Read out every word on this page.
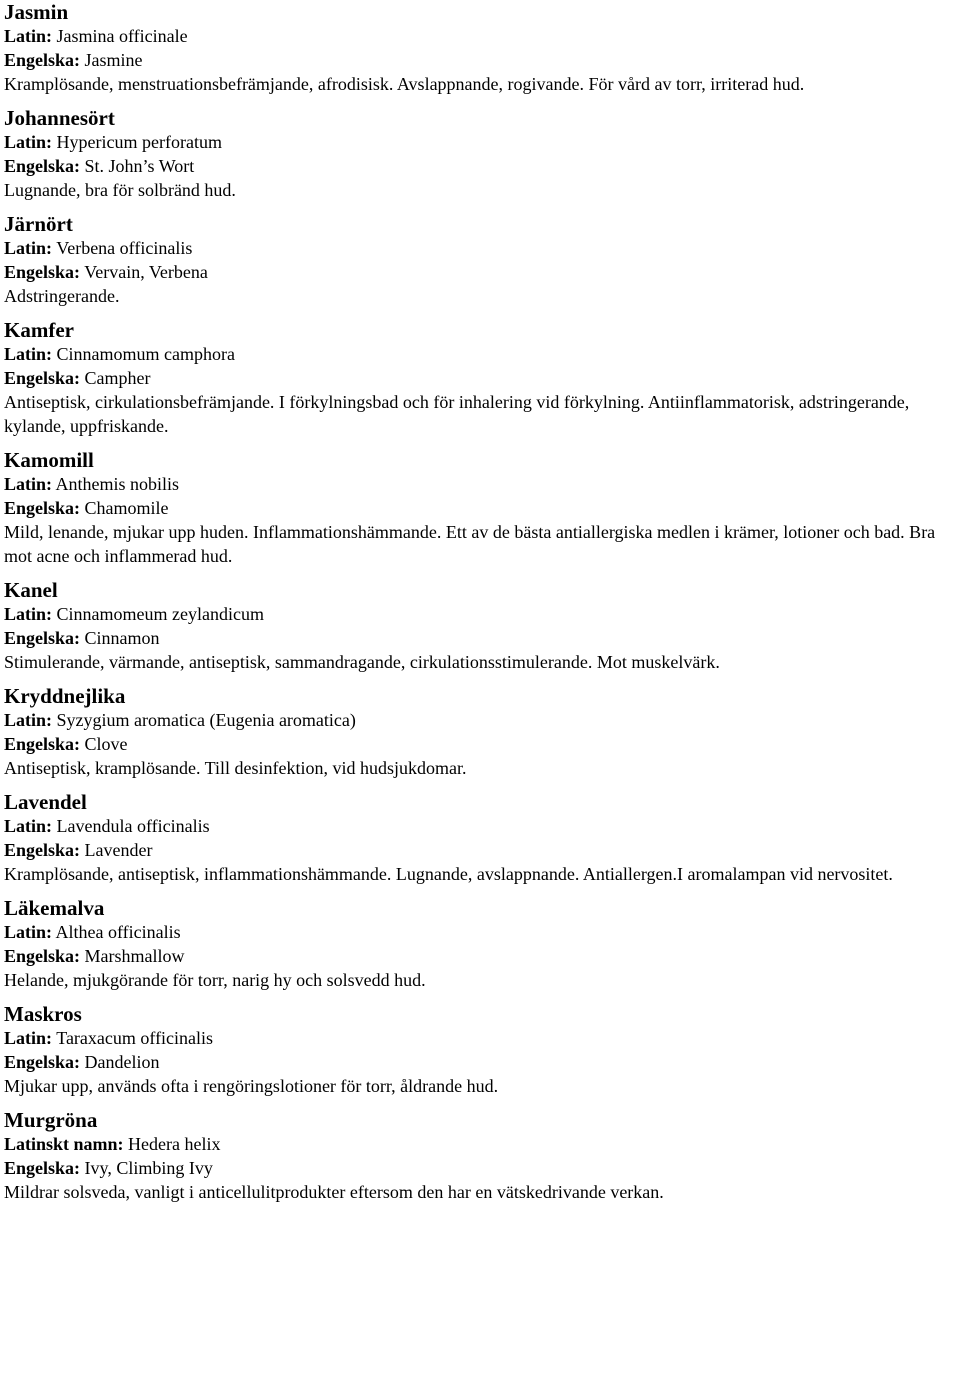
Jasmin
Latin: Jasmina officinale
Engelska: Jasmine
Kramplösande, menstruationsbefrämjande, afrodisisk. Avslappnande, rogivande. För vård av torr, irriterad hud.
Johannesört
Latin: Hypericum perforatum
Engelska: St. John’s Wort
Lugnande, bra för solbränd hud.
Järnört
Latin: Verbena officinalis
Engelska: Vervain, Verbena
Adstringerande.
Kamfer
Latin: Cinnamomum camphora
Engelska: Campher
Antiseptisk, cirkulationsbefrämjande. I förkylningsbad och för inhalering vid förkylning. Antiinflammatorisk, adstringerande, kylande, uppfriskande.
Kamomill
Latin: Anthemis nobilis
Engelska: Chamomile
Mild, lenande, mjukar upp huden. Inflammationshämmande. Ett av de bästa antiallergiska medlen i krämer, lotioner och bad. Bra mot acne och inflammerad hud.
Kanel
Latin: Cinnamomeum zeylandicum
Engelska: Cinnamon
Stimulerande, värmande, antiseptisk, sammandragande, cirkulationsstimulerande. Mot muskelvärk.
Kryddnejlika
Latin: Syzygium aromatica (Eugenia aromatica)
Engelska: Clove
Antiseptisk, kramplösande. Till desinfektion, vid hudsjukdomar.
Lavendel
Latin: Lavendula officinalis
Engelska: Lavender
Kramplösande, antiseptisk, inflammationshämmande. Lugnande, avslappnande. Antiallergen.I aromalampan vid nervositet.
Läkemalva
Latin: Althea officinalis
Engelska: Marshmallow
Helande, mjukgörande för torr, narig hy och solsvedd hud.
Maskros
Latin: Taraxacum officinalis
Engelska: Dandelion
Mjukar upp, används ofta i rengöringslotioner för torr, åldrande hud.
Murgröna
Latinskt namn: Hedera helix
Engelska: Ivy, Climbing Ivy
Mildrar solsveda, vanligt i anticellulitprodukter eftersom den har en vätskedrivande verkan.
